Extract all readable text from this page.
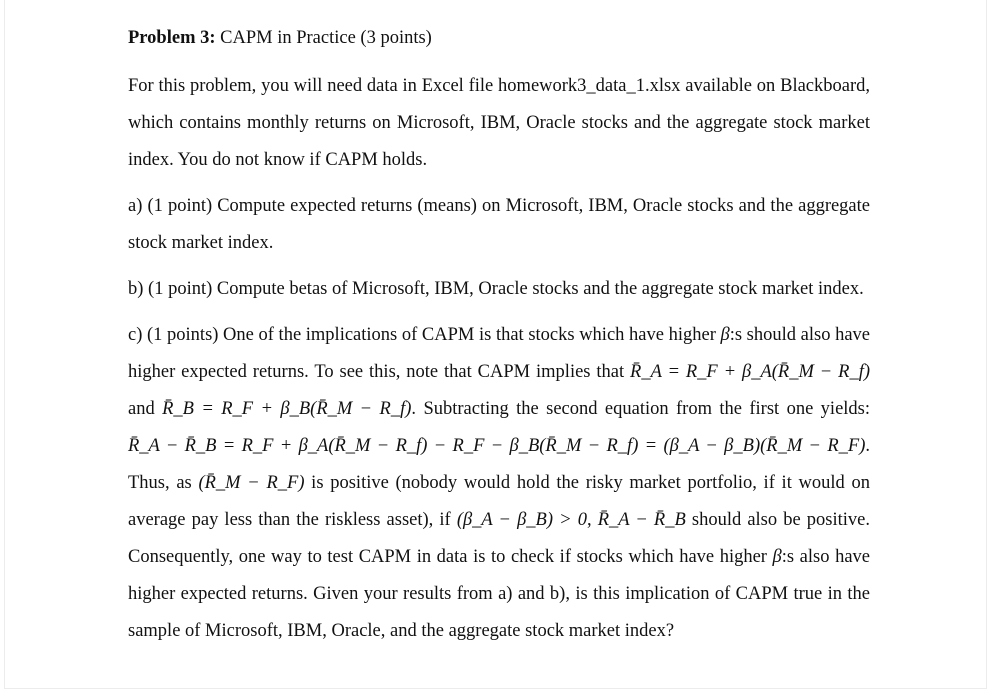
Problem 3: CAPM in Practice (3 points)

For this problem, you will need data in Excel file homework3_data_1.xlsx available on Blackboard, which contains monthly returns on Microsoft, IBM, Oracle stocks and the aggregate stock market index. You do not know if CAPM holds.

a) (1 point) Compute expected returns (means) on Microsoft, IBM, Oracle stocks and the aggregate stock market index.

b) (1 point) Compute betas of Microsoft, IBM, Oracle stocks and the aggregate stock market index.

c) (1 points) One of the implications of CAPM is that stocks which have higher β:s should also have higher expected returns. To see this, note that CAPM implies that R̄_A = R_F + β_A(R̄_M − R_f) and R̄_B = R_F + β_B(R̄_M − R_f). Subtracting the second equation from the first one yields: R̄_A − R̄_B = R_F + β_A(R̄_M − R_f) − R_F − β_B(R̄_M − R_f) = (β_A − β_B)(R̄_M − R_F). Thus, as (R̄_M − R_F) is positive (nobody would hold the risky market portfolio, if it would on average pay less than the riskless asset), if (β_A − β_B) > 0, R̄_A − R̄_B should also be positive. Consequently, one way to test CAPM in data is to check if stocks which have higher β:s also have higher expected returns. Given your results from a) and b), is this implication of CAPM true in the sample of Microsoft, IBM, Oracle, and the aggregate stock market index?
